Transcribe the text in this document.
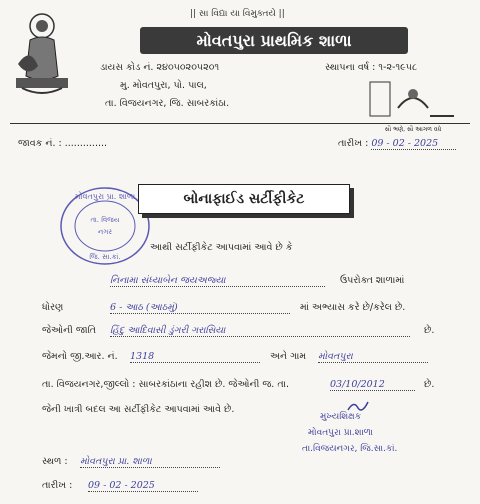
|| સા વિદ્યા યા વિમુક્તયે ||
મોવતપુરા પ્રાથમિક શાળા
ડાયસ કોડ નં. ૨૪૦૫૦૨૦૫૨૦૧	સ્થાપના વર્ષ : ૧-૨-૧૯૫૮
મુ. મોવતપુરા, પો. પાલ,
તા. વિજયનગર, જિ. સાબરકાંઠા.
સૌ ભણે, સૌ આગળ વધે
જાવક નં. : ..............	તારીખ : 09 - 02 - 2025
મોવતપુરા પ્રા. શાળા
તા. વિજય
નગર
જિ. સા.કાં.
બોનાફાઈડ સર્ટીફીકેટ
આથી સર્ટીફીકેટ આપવામાં આવે છે કે
નિનામા સંધ્યાબેન જયઅજ્યા	ઉપરોક્ત શાળામાં
ધોરણ	6 - આઠ (આઠમું)	માં અભ્યાસ કરે છે/કરેલ છે.
જેઓની જાતિ હિંદુ આદિવાસી ડુંગરી ગરાસિયા	છે.
જેમનો જી.આર. નં. 1318	અને ગામ મોવતપુરા
તા. વિજયનગર,જીલ્લો : સાબરકાંઠાના રહીશ છે. જેઓની જ. તા.	03/10/2012	છે.
જેની ખાત્રી બદલ આ સર્ટીફીકેટ આપવામાં આવે છે.
મુખ્યશિક્ષક
મોવતપુરા પ્રા.શાળા
તા.વિજયનગર, જિ.સા.કાં.
સ્થળ : મોવતપુરા પ્રા. શાળા
તારીખ : 09 - 02 - 2025
